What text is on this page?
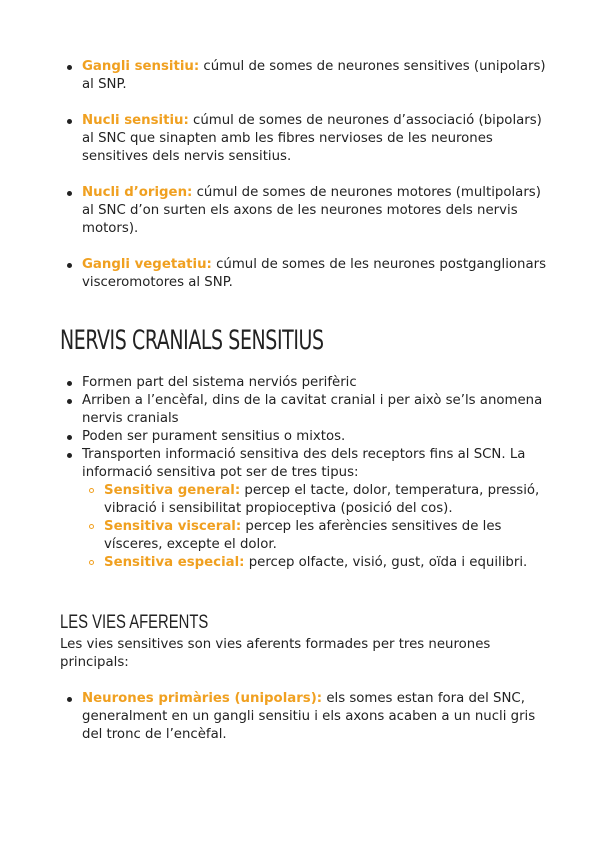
Gangli sensitiu: cúmul de somes de neurones sensitives (unipolars) al SNP.
Nucli sensitiu: cúmul de somes de neurones d’associació (bipolars) al SNC que sinapten amb les fibres nervioses de les neurones sensitives dels nervis sensitius.
Nucli d’origen: cúmul de somes de neurones motores (multipolars) al SNC d’on surten els axons de les neurones motores dels nervis motors).
Gangli vegetatiu: cúmul de somes de les neurones postganglionars visceromotores al SNP.
NERVIS CRANIALS SENSITIUS
Formen part del sistema nerviós perifèric
Arriben a l’encèfal, dins de la cavitat cranial i per això se’ls anomena nervis cranials
Poden ser purament sensitius o mixtos.
Transporten informació sensitiva des dels receptors fins al SCN. La informació sensitiva pot ser de tres tipus:
Sensitiva general: percep el tacte, dolor, temperatura, pressió, vibració i sensibilitat propioceptiva (posició del cos).
Sensitiva visceral: percep les aferències sensitives de les vísceres, excepte el dolor.
Sensitiva especial: percep olfacte, visió, gust, oïda i equilibri.
LES VIES AFERENTS

Les vies sensitives son vies aferents formades per tres neurones principals:

Neurones primàries (unipolars): els somes estan fora del SNC, generalment en un gangli sensitiu i els axons acaben a un nucli gris del tronc de l’encèfal.
